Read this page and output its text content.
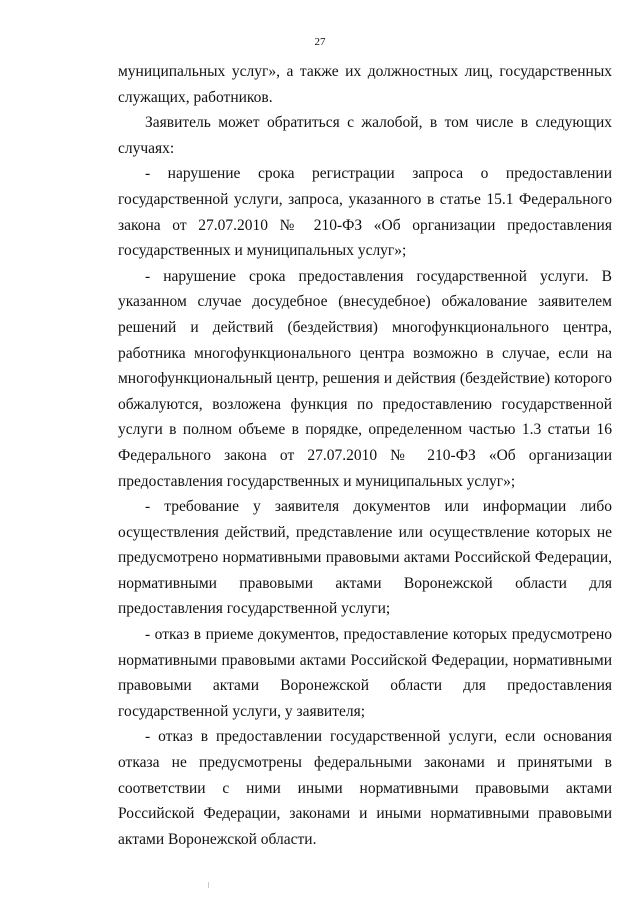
27

муниципальных услуг», а также их должностных лиц, государственных служащих, работников.

Заявитель может обратиться с жалобой, в том числе в следующих случаях:

- нарушение срока регистрации запроса о предоставлении государственной услуги, запроса, указанного в статье 15.1 Федерального закона от 27.07.2010 № 210-ФЗ «Об организации предоставления государственных и муниципальных услуг»;

- нарушение срока предоставления государственной услуги. В указанном случае досудебное (внесудебное) обжалование заявителем решений и действий (бездействия) многофункционального центра, работника многофункционального центра возможно в случае, если на многофункциональный центр, решения и действия (бездействие) которого обжалуются, возложена функция по предоставлению государственной услуги в полном объеме в порядке, определенном частью 1.3 статьи 16 Федерального закона от 27.07.2010 № 210-ФЗ «Об организации предоставления государственных и муниципальных услуг»;

- требование у заявителя документов или информации либо осуществления действий, представление или осуществление которых не предусмотрено нормативными правовыми актами Российской Федерации, нормативными правовыми актами Воронежской области для предоставления государственной услуги;

- отказ в приеме документов, предоставление которых предусмотрено нормативными правовыми актами Российской Федерации, нормативными правовыми актами Воронежской области для предоставления государственной услуги, у заявителя;

- отказ в предоставлении государственной услуги, если основания отказа не предусмотрены федеральными законами и принятыми в соответствии с ними иными нормативными правовыми актами Российской Федерации, законами и иными нормативными правовыми актами Воронежской области.
